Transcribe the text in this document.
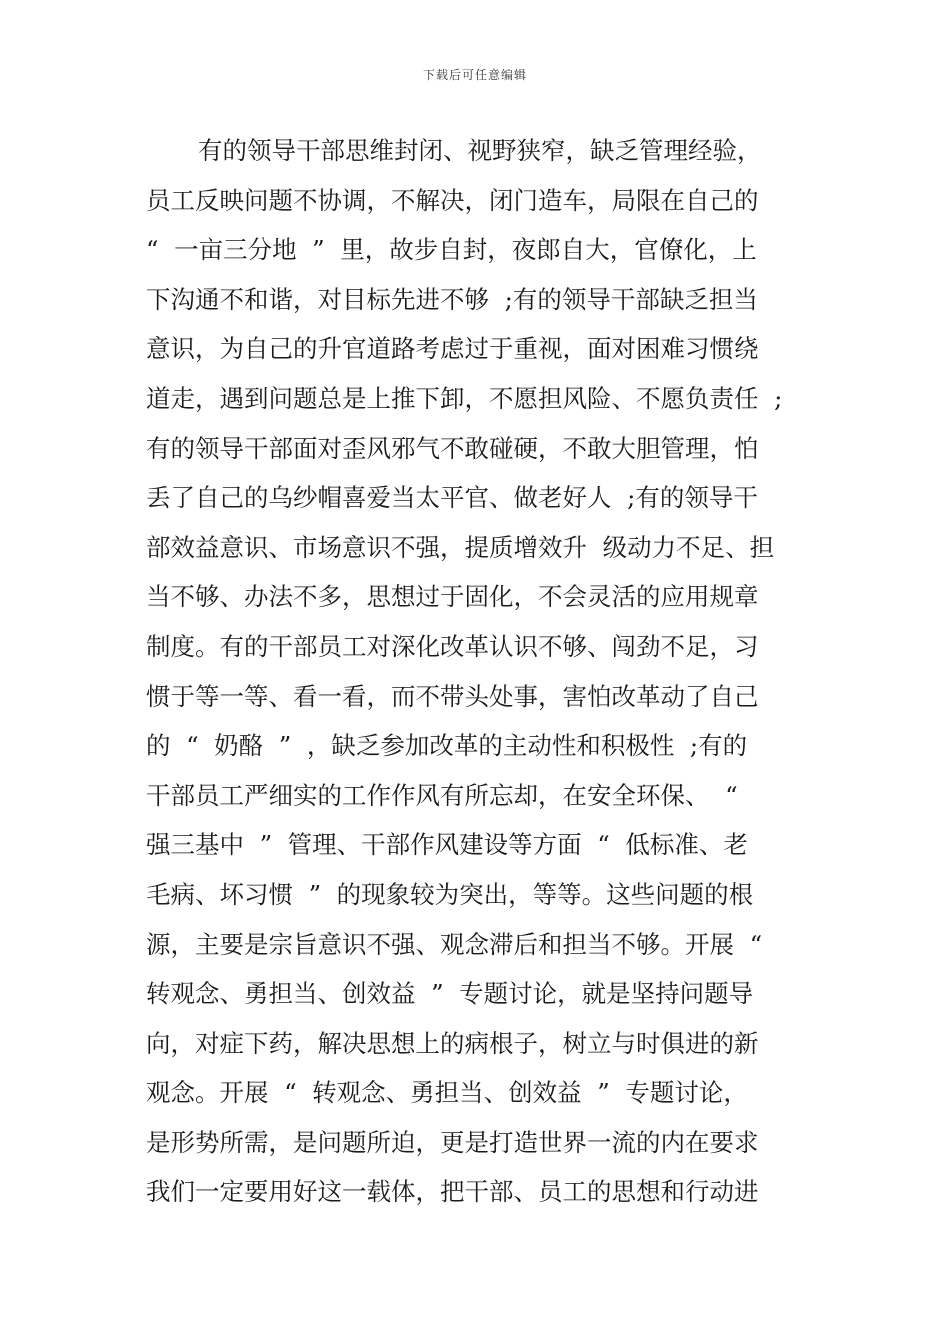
下载后可任意编辑
有的领导干部思维封闭、视野狭窄，缺乏管理经验，
员工反映问题不协调，不解决，闭门造车，局限在自己的
“  一亩三分地  ”  里，故步自封，夜郎自大，官僚化，上
下沟通不和谐，对目标先进不够  ;有的领导干部缺乏担当
意识，为自己的升官道路考虑过于重视，面对困难习惯绕
道走，遇到问题总是上推下卸，不愿担风险、不愿负责任  ;
有的领导干部面对歪风邪气不敢碰硬，不敢大胆管理，怕
丢了自己的乌纱帽喜爱当太平官、做老好人  ;有的领导干
部效益意识、市场意识不强，提质增效升  级动力不足、担
当不够、办法不多，思想过于固化，不会灵活的应用规章
制度。有的干部员工对深化改革认识不够、闯劲不足，习
惯于等一等、看一看，而不带头处事，害怕改革动了自己
的  “  奶酪  ”  ，缺乏参加改革的主动性和积极性  ;有的
干部员工严细实的工作作风有所忘却，在安全环保、  “
强三基中  ”  管理、干部作风建设等方面  “  低标准、老
毛病、坏习惯  ”  的现象较为突出，等等。这些问题的根
源，主要是宗旨意识不强、观念滞后和担当不够。开展  “
转观念、勇担当、创效益  ”  专题讨论，就是坚持问题导
向，对症下药，解决思想上的病根子，树立与时俱进的新
观念。开展  “  转观念、勇担当、创效益  ”  专题讨论，
是形势所需，是问题所迫，更是打造世界一流的内在要求
我们一定要用好这一载体，把干部、员工的思想和行动进
